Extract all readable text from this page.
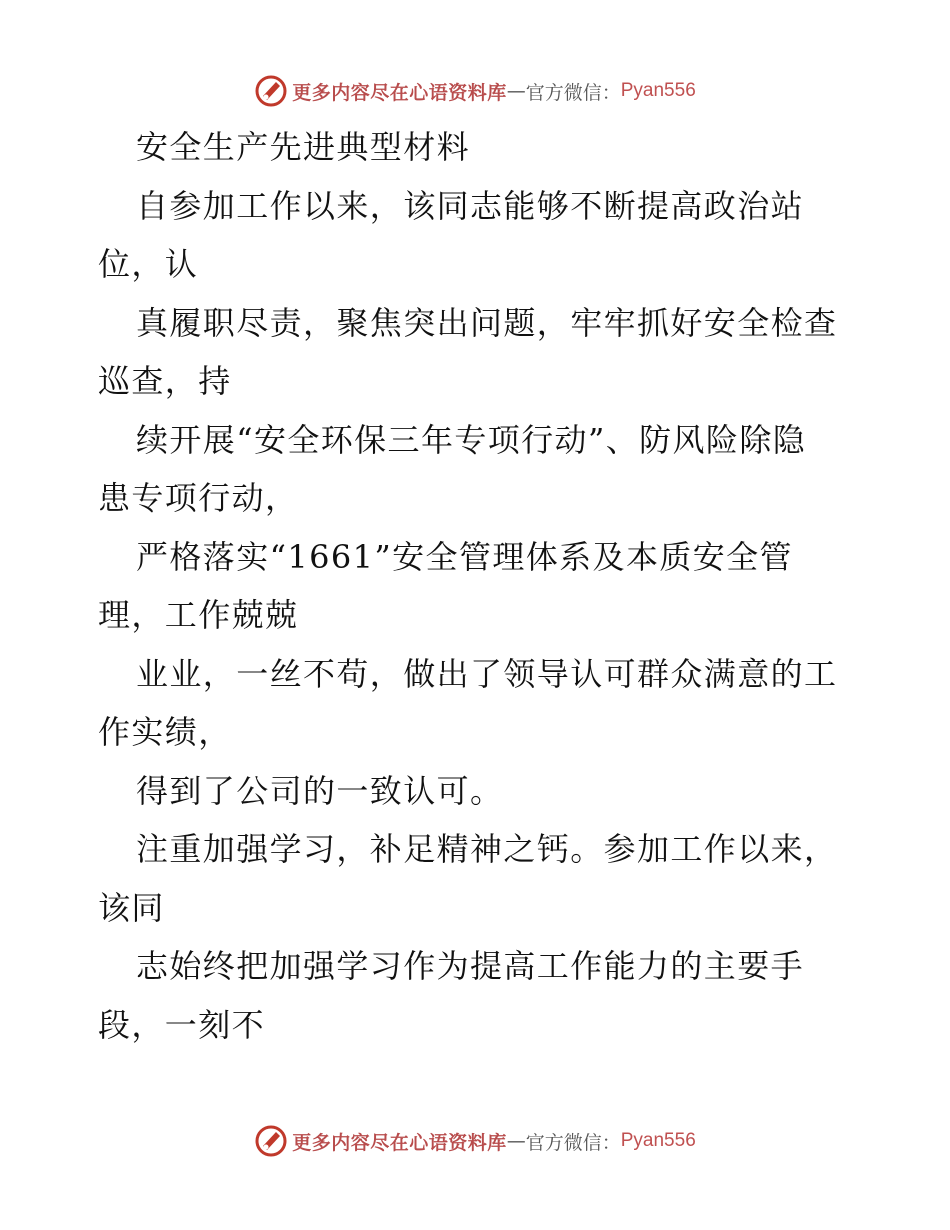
更多内容尽在心语资料库 — 官方微信： Pyan556
安全生产先进典型材料
自参加工作以来，该同志能够不断提高政治站
位，认
真履职尽责，聚焦突出问题，牢牢抓好安全检查
巡查，持
续开展“安全环保三年专项行动”、防风险除隐
患专项行动，
严格落实“1661”安全管理体系及本质安全管
理，工作兢兢
业业，一丝不苟，做出了领导认可群众满意的工
作实绩，
得到了公司的一致认可。
注重加强学习，补足精神之钙。参加工作以来，
该同
志始终把加强学习作为提高工作能力的主要手
段，一刻不
更多内容尽在心语资料库 — 官方微信： Pyan556
